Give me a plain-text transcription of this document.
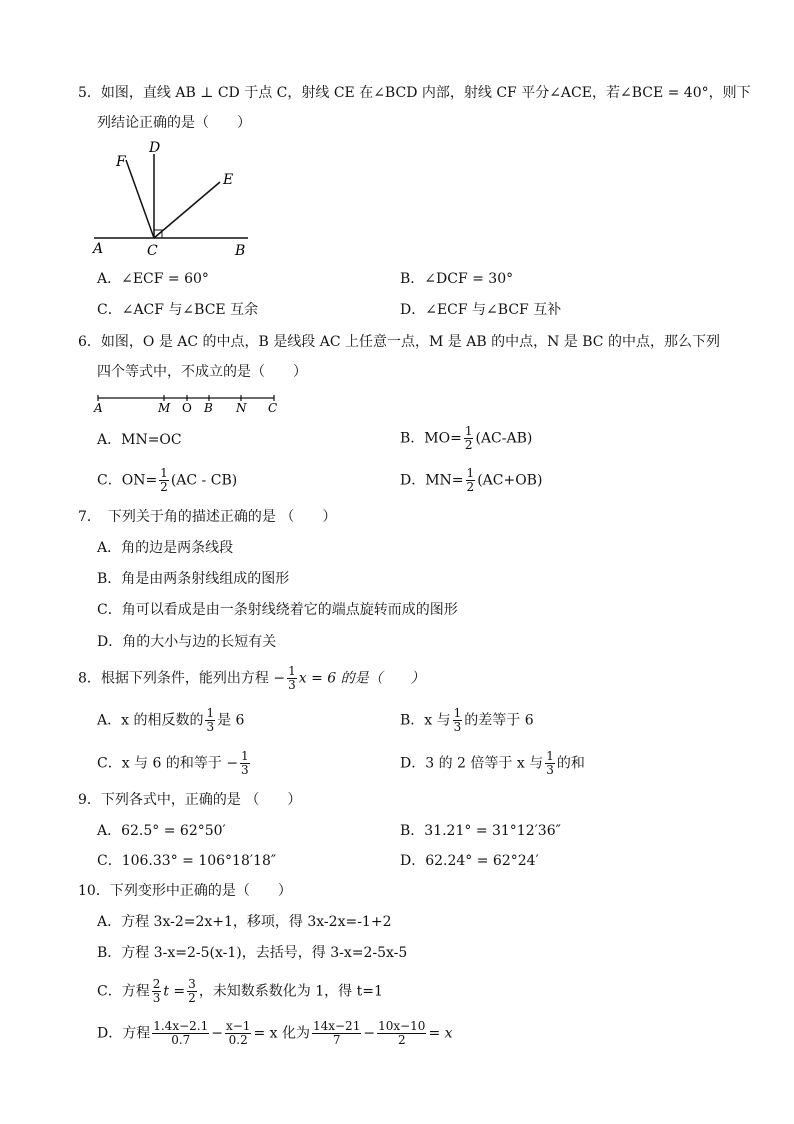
5．如图，直线 AB ⊥ CD 于点 C，射线 CE 在∠BCD 内部，射线 CF 平分∠ACE，若∠BCE = 40°，则下
列结论正确的是（　　）
A	C	B
D
E
F
A．∠ECF = 60°	B．∠DCF = 30°
C．∠ACF 与∠BCE 互余	D．∠ECF 与∠BCF 互补
6．如图，O 是 AC 的中点，B 是线段 AC 上任意一点，M 是 AB 的中点，N 是 BC 的中点，那么下列
四个等式中，不成立的是（　　）
A	M O B N C
A．MN=OC	B．$MO= \frac{1}{2} (AC-AB)$
C．$ON= \frac{1}{2} (AC - CB)$	D．$MN= \frac{1}{2} (AC+OB)$
7．　下列关于角的描述正确的是 （　　）
A．角的边是两条线段
B．角是由两条射线组成的图形
C．角可以看成是由一条射线绕着它的端点旋转而成的图形
D．角的大小与边的长短有关
8．根据下列条件，能列出方程 − $\frac{1}{3}$ x = 6 的是（　　）
A．x 的相反数的 $\frac{1}{3}$ 是 6	B．x 与 $\frac{1}{3}$ 的差等于 6
C．x 与 6 的和等于 − $\frac{1}{3}$	D．3 的 2 倍等于 x 与 $\frac{1}{3}$ 的和
9．下列各式中，正确的是 （　　）
A．62.5° = 62°50′	B．31.21° = 31°12′36″
C．106.33° = 106°18′18″	D．62.24° = 62°24′
10．下列变形中正确的是（　　）
A．方程 3x-2=2x+1，移项，得 3x-2x=-1+2
B．方程 3-x=2-5(x-1)，去括号，得 3-x=2-5x-5
C．方程 $\frac{2}{3}$ $t = \frac{3}{2}$ ，未知数系数化为 1，得 t=1
D．方程 $\frac{1.4x-2.1}{0.7} - \frac{x-1}{0.2} = x$ 化为 $\frac{14x-21}{7} - \frac{10x-10}{2} = x$
